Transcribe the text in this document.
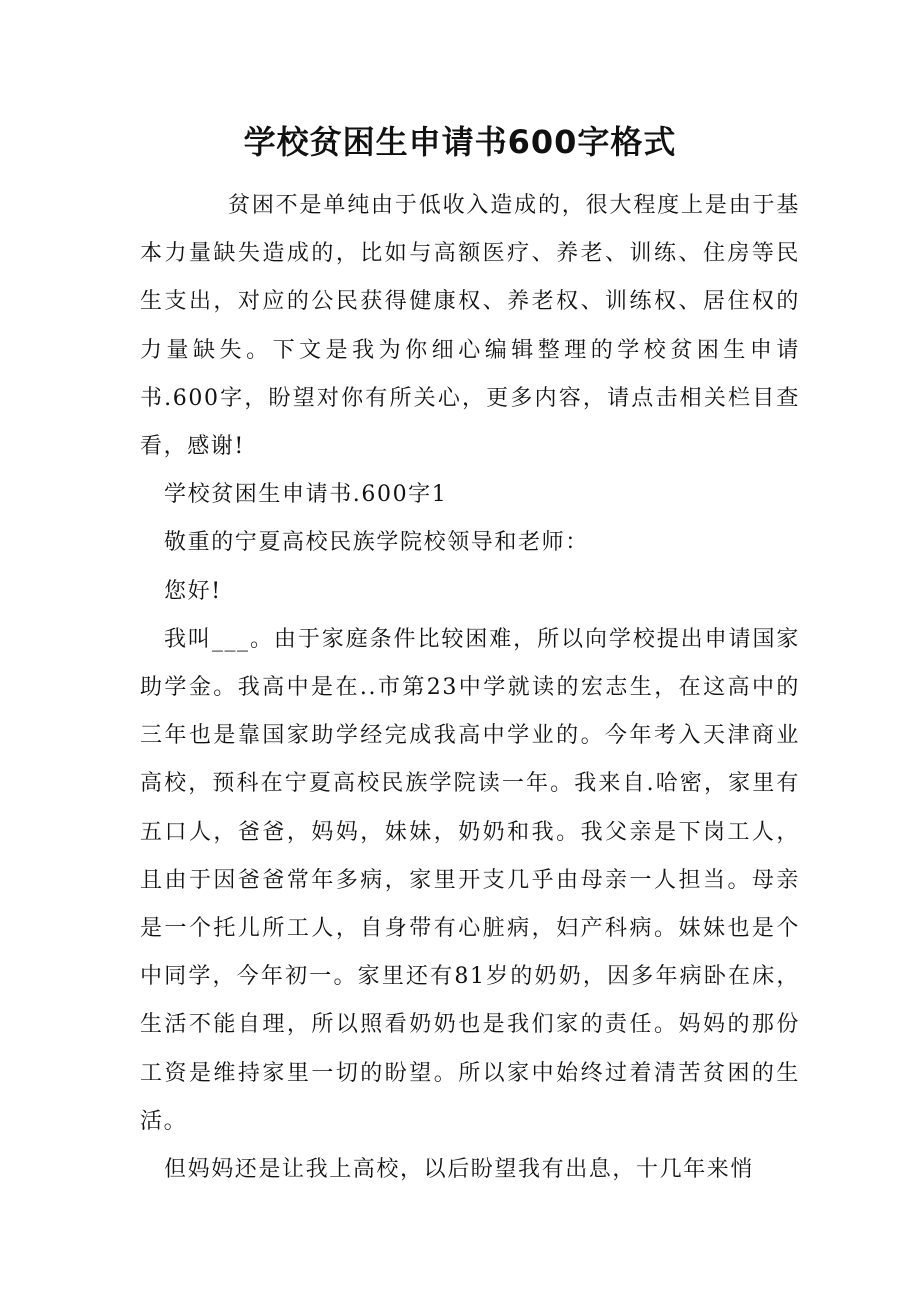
学校贫困生申请书600字格式

贫困不是单纯由于低收入造成的，很大程度上是由于基本力量缺失造成的，比如与高额医疗、养老、训练、住房等民生支出，对应的公民获得健康权、养老权、训练权、居住权的力量缺失。下文是我为你细心编辑整理的学校贫困生申请书.600字，盼望对你有所关心，更多内容，请点击相关栏目查看，感谢!

学校贫困生申请书.600字1

敬重的宁夏高校民族学院校领导和老师：

您好!

我叫___。由于家庭条件比较困难，所以向学校提出申请国家助学金。我高中是在..市第23中学就读的宏志生，在这高中的三年也是靠国家助学经完成我高中学业的。今年考入天津商业高校，预科在宁夏高校民族学院读一年。我来自.哈密，家里有五口人，爸爸，妈妈，妹妹，奶奶和我。我父亲是下岗工人，且由于因爸爸常年多病，家里开支几乎由母亲一人担当。母亲是一个托儿所工人，自身带有心脏病，妇产科病。妹妹也是个中同学，今年初一。家里还有81岁的奶奶，因多年病卧在床，生活不能自理，所以照看奶奶也是我们家的责任。妈妈的那份工资是维持家里一切的盼望。所以家中始终过着清苦贫困的生活。

但妈妈还是让我上高校，以后盼望我有出息，十几年来悄
